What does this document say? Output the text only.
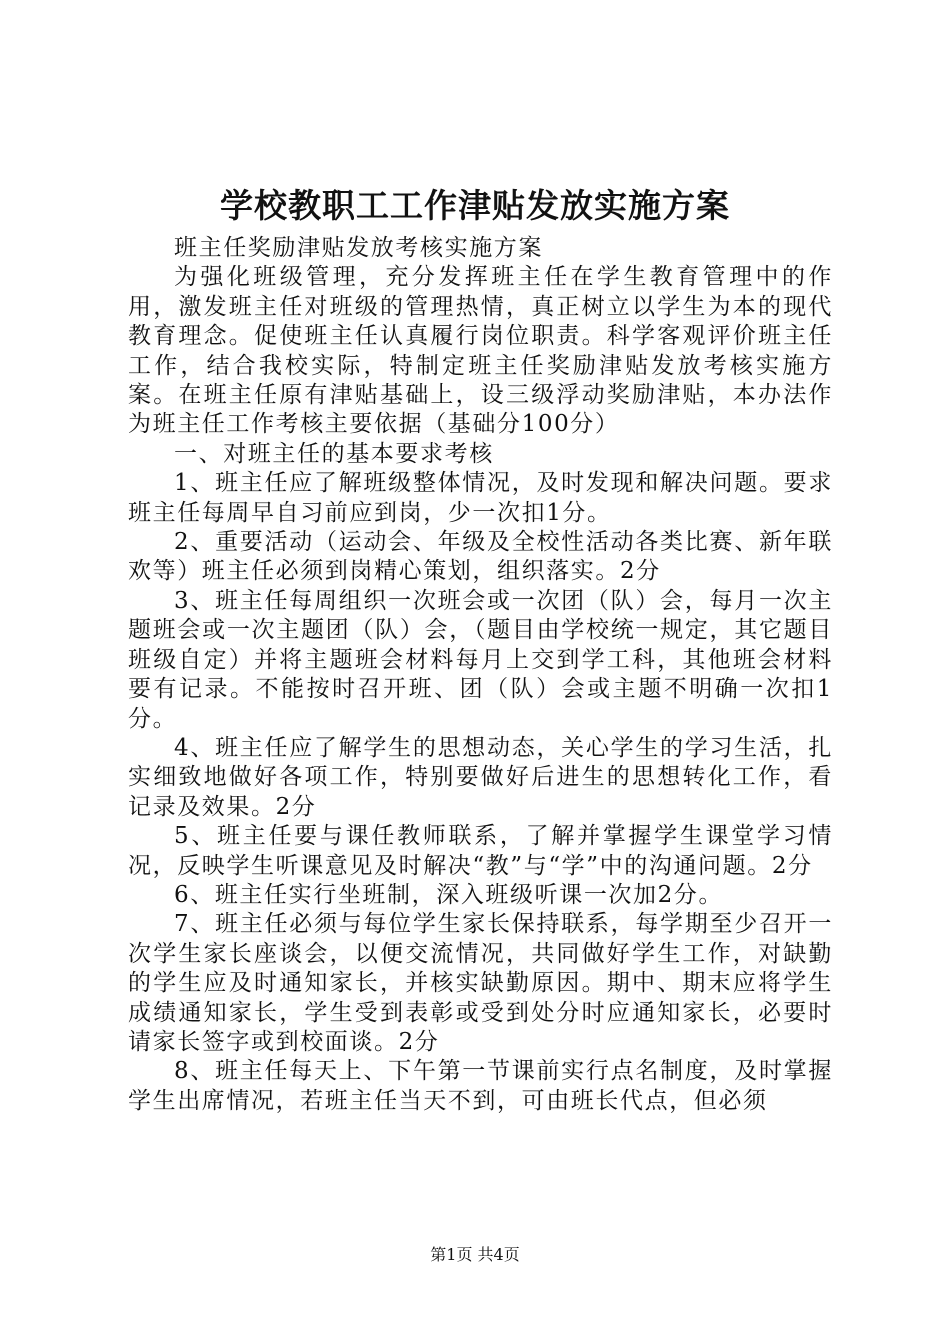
学校教职工工作津贴发放实施方案

班主任奖励津贴发放考核实施方案

为强化班级管理，充分发挥班主任在学生教育管理中的作用，激发班主任对班级的管理热情，真正树立以学生为本的现代教育理念。促使班主任认真履行岗位职责。科学客观评价班主任工作，结合我校实际，特制定班主任奖励津贴发放考核实施方案。在班主任原有津贴基础上，设三级浮动奖励津贴，本办法作为班主任工作考核主要依据（基础分100分）

一、对班主任的基本要求考核

1、班主任应了解班级整体情况，及时发现和解决问题。要求班主任每周早自习前应到岗，少一次扣1分。

2、重要活动（运动会、年级及全校性活动各类比赛、新年联欢等）班主任必须到岗精心策划，组织落实。2分

3、班主任每周组织一次班会或一次团（队）会，每月一次主题班会或一次主题团（队）会，（题目由学校统一规定，其它题目班级自定）并将主题班会材料每月上交到学工科，其他班会材料要有记录。不能按时召开班、团（队）会或主题不明确一次扣1分。

4、班主任应了解学生的思想动态，关心学生的学习生活，扎实细致地做好各项工作，特别要做好后进生的思想转化工作，看记录及效果。2分

5、班主任要与课任教师联系，了解并掌握学生课堂学习情况，反映学生听课意见及时解决“教”与“学”中的沟通问题。2分

6、班主任实行坐班制，深入班级听课一次加2分。

7、班主任必须与每位学生家长保持联系，每学期至少召开一次学生家长座谈会，以便交流情况，共同做好学生工作，对缺勤的学生应及时通知家长，并核实缺勤原因。期中、期末应将学生成绩通知家长，学生受到表彰或受到处分时应通知家长，必要时请家长签字或到校面谈。2分

8、班主任每天上、下午第一节课前实行点名制度，及时掌握学生出席情况，若班主任当天不到，可由班长代点，但必须

第1页 共4页
